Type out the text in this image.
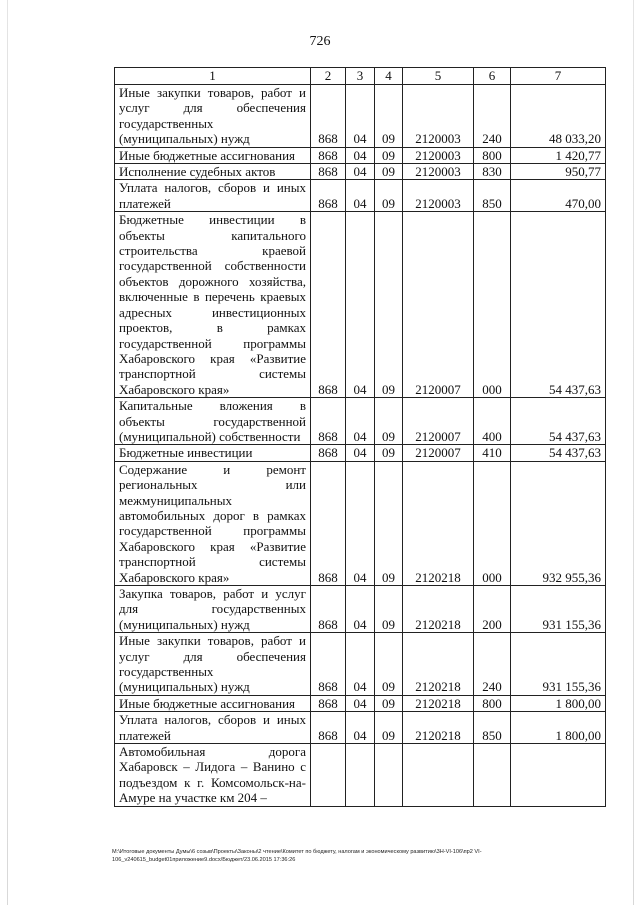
726
1	2	3	4	5	6	7
Иные закупки товаров, работ и услуг для обеспечения государственных (муниципальных) нужд	868	04	09	2120003	240	48 033,20
Иные бюджетные ассигнования	868	04	09	2120003	800	1 420,77
Исполнение судебных актов	868	04	09	2120003	830	950,77
Уплата налогов, сборов и иных платежей	868	04	09	2120003	850	470,00
Бюджетные инвестиции в объекты капитального строительства краевой государственной собственности объектов дорожного хозяйства, включенные в перечень краевых адресных инвестиционных проектов, в рамках государственной программы Хабаровского края «Развитие транспортной системы Хабаровского края»	868	04	09	2120007	000	54 437,63
Капитальные вложения в объекты государственной (муниципальной) собственности	868	04	09	2120007	400	54 437,63
Бюджетные инвестиции	868	04	09	2120007	410	54 437,63
Содержание и ремонт региональных или межмуниципальных автомобильных дорог в рамках государственной программы Хабаровского края «Развитие транспортной системы Хабаровского края»	868	04	09	2120218	000	932 955,36
Закупка товаров, работ и услуг для государственных (муниципальных) нужд	868	04	09	2120218	200	931 155,36
Иные закупки товаров, работ и услуг для обеспечения государственных (муниципальных) нужд	868	04	09	2120218	240	931 155,36
Иные бюджетные ассигнования	868	04	09	2120218	800	1 800,00
Уплата налогов, сборов и иных платежей	868	04	09	2120218	850	1 800,00
Автомобильная дорога Хабаровск – Лидога – Ванино с подъездом к г. Комсомольск-на-Амуре на участке км 204 –						
M:\Итоговые документы Думы\6 созыв\Проекты\Законы\2 чтение\Комитет по бюджету, налогам и экономическому развитию\3Н-VI-106\пр2 VI-
106_v240615_budget01приложение9.docx/Бюджет/23.06.2015 17:36:26
